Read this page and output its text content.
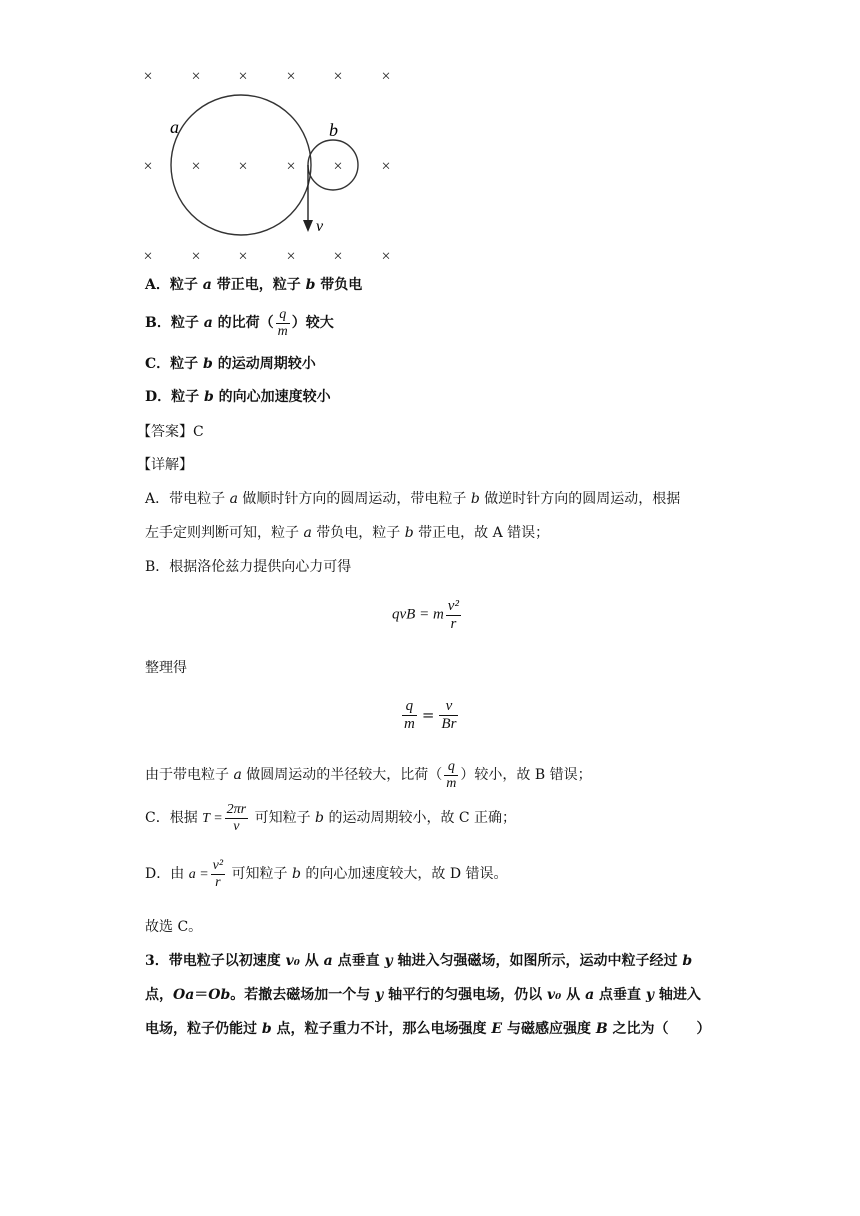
× × × × × ×
× × × × × ×
× × × × × ×
a	b
v
A．粒子 a 带正电，粒子 b 带负电
B．粒子 a 的比荷（ $\frac{q}{m}$ ）较大
C．粒子 b 的运动周期较小
D．粒子 b 的向心加速度较小
【答案】C
【详解】
A．带电粒子 a 做顺时针方向的圆周运动，带电粒子 b 做逆时针方向的圆周运动，根据
左手定则判断可知，粒子 a 带负电，粒子 b 带正电，故 A 错误；
B．根据洛伦兹力提供向心力可得
qvB = m $\frac{\text{v²}}{r}$
整理得
$\frac{q}{m} = \frac{v}{Br}$
由于带电粒子 a 做圆周运动的半径较大，比荷（ $\frac{q}{m}$ ）较小，故 B 错误；
C．根据 $T = \frac{2\pi r}{v}$ 可知粒子 b 的运动周期较小，故 C 正确；
D．由 $a = \frac{\text{v²}}{r}$ 可知粒子 b 的向心加速度较大，故 D 错误。
故选 C。
3．带电粒子以初速度 v₀ 从 a 点垂直 y 轴进入匀强磁场，如图所示，运动中粒子经过 b
点，Oa＝Ob。若撤去磁场加一个与 y 轴平行的匀强电场，仍以 v₀ 从 a 点垂直 y 轴进入
电场，粒子仍能过 b 点，粒子重力不计，那么电场强度 E 与磁感应强度 B 之比为（　　）
